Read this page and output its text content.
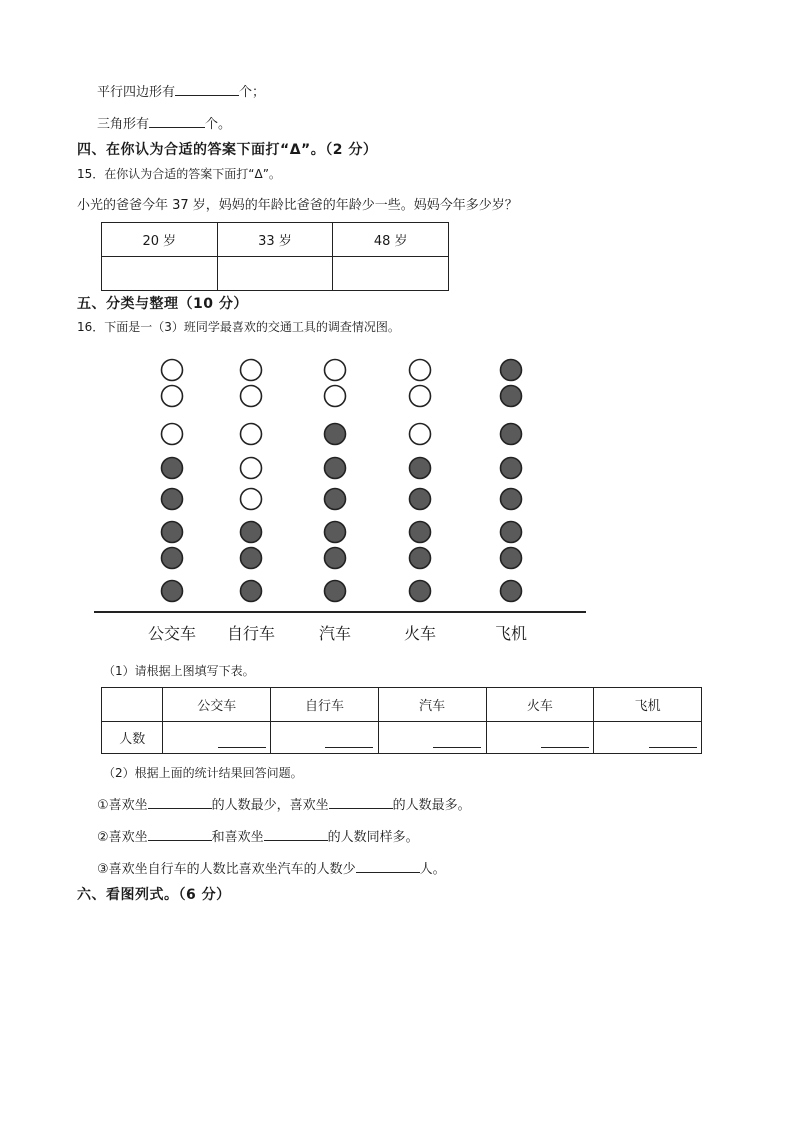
平行四边形有	个；
三角形有	个。
四、在你认为合适的答案下面打“Δ”。（2 分）
15．在你认为合适的答案下面打“Δ”。
小光的爸爸今年 37 岁，妈妈的年龄比爸爸的年龄少一些。妈妈今年多少岁？
20 岁	33 岁	48 岁

五、分类与整理（10 分）
16．下面是一（3）班同学最喜欢的交通工具的调查情况图。
公交车 自行车	汽车	火车	飞机
（1）请根据上图填写下表。
	公交车	自行车	汽车	火车	飞机
人数					
（2）根据上面的统计结果回答问题。
①喜欢坐	的人数最少，喜欢坐	的人数最多。
②喜欢坐	和喜欢坐	的人数同样多。
③喜欢坐自行车的人数比喜欢坐汽车的人数少	人。
六、看图列式。（6 分）
